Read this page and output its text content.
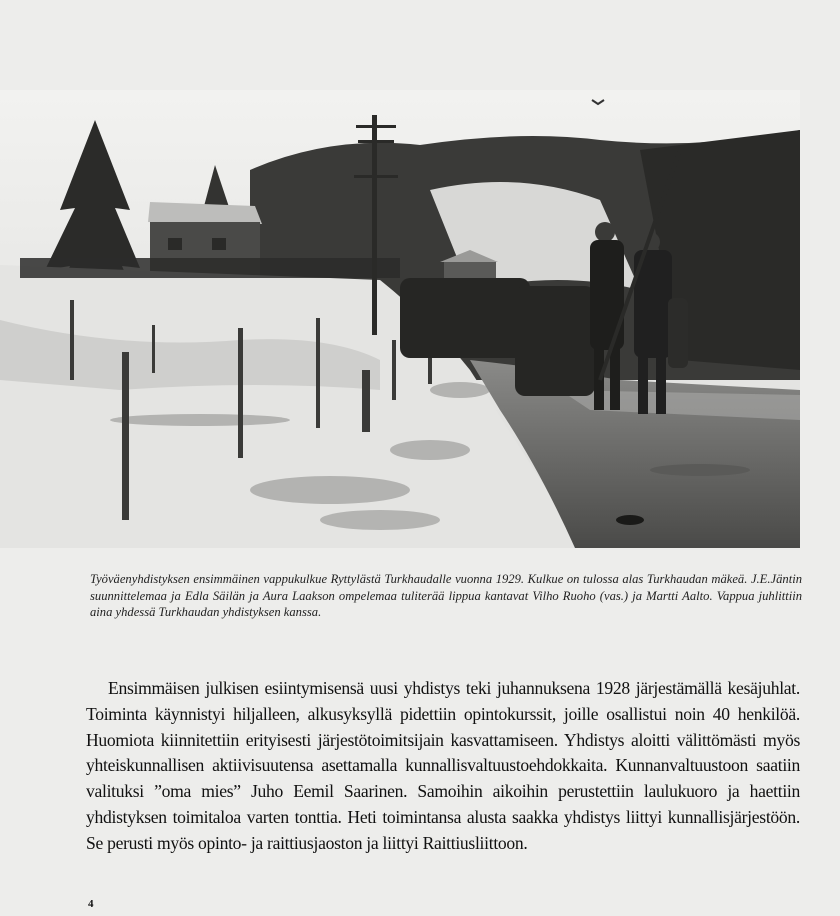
Työväenyhdistyksen ensimmäinen vappukulkue Ryttylästä Turkhaudalle vuonna 1929. Kulkue on tulossa alas Turkhaudan mäkeä. J.E.Jäntin suunnittelemaa ja Edla Säilän ja Aura Laakson ompelemaa tuliterää lippua kantavat Vilho Ruoho (vas.) ja Martti Aalto. Vappua juhlittiin aina yhdessä Turkhaudan yhdistyksen kanssa.

Ensimmäisen julkisen esiintymisensä uusi yhdistys teki juhannuksena 1928 järjestämällä kesäjuhlat. Toiminta käynnistyi hiljalleen, alkusyksyllä pidettiin opintokurssit, joille osallistui noin 40 henkilöä. Huomiota kiinnitettiin erityisesti järjestötoimitsijain kasvattamiseen. Yhdistys aloitti välittömästi myös yhteiskunnallisen aktiivisuutensa asettamalla kunnallisvaltuustoehdokkaita. Kunnanvaltuustoon saatiin valituksi ”oma mies” Juho Eemil Saarinen. Samoihin aikoihin perustettiin laulukuoro ja haettiin yhdistyksen toimitaloa varten tonttia. Heti toimintansa alusta saakka yhdistys liittyi kunnallisjärjestöön. Se perusti myös opinto- ja raittiusjaoston ja liittyi Raittiusliittoon.

4
